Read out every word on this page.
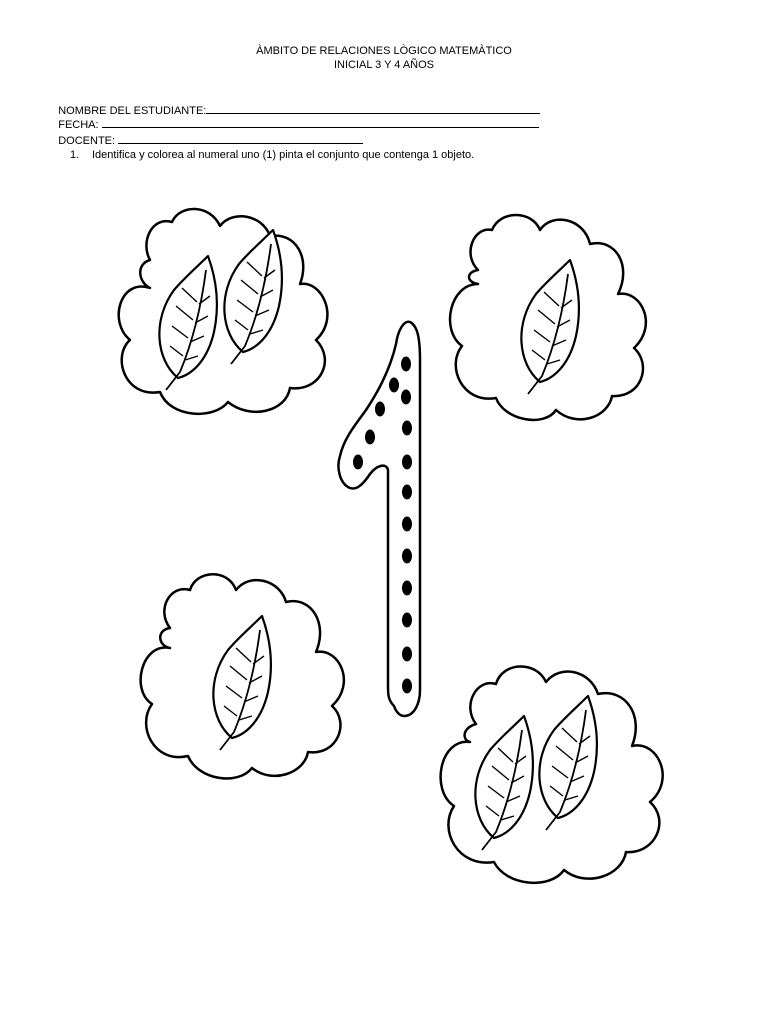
ÀMBITO DE RELACIONES LÒGICO MATEMÀTICO
INICIAL 3 Y 4 AÑOS

NOMBRE DEL ESTUDIANTE:

FECHA:

DOCENTE:

1. Identifica y colorea al numeral uno (1) pinta el conjunto que contenga 1 objeto.
